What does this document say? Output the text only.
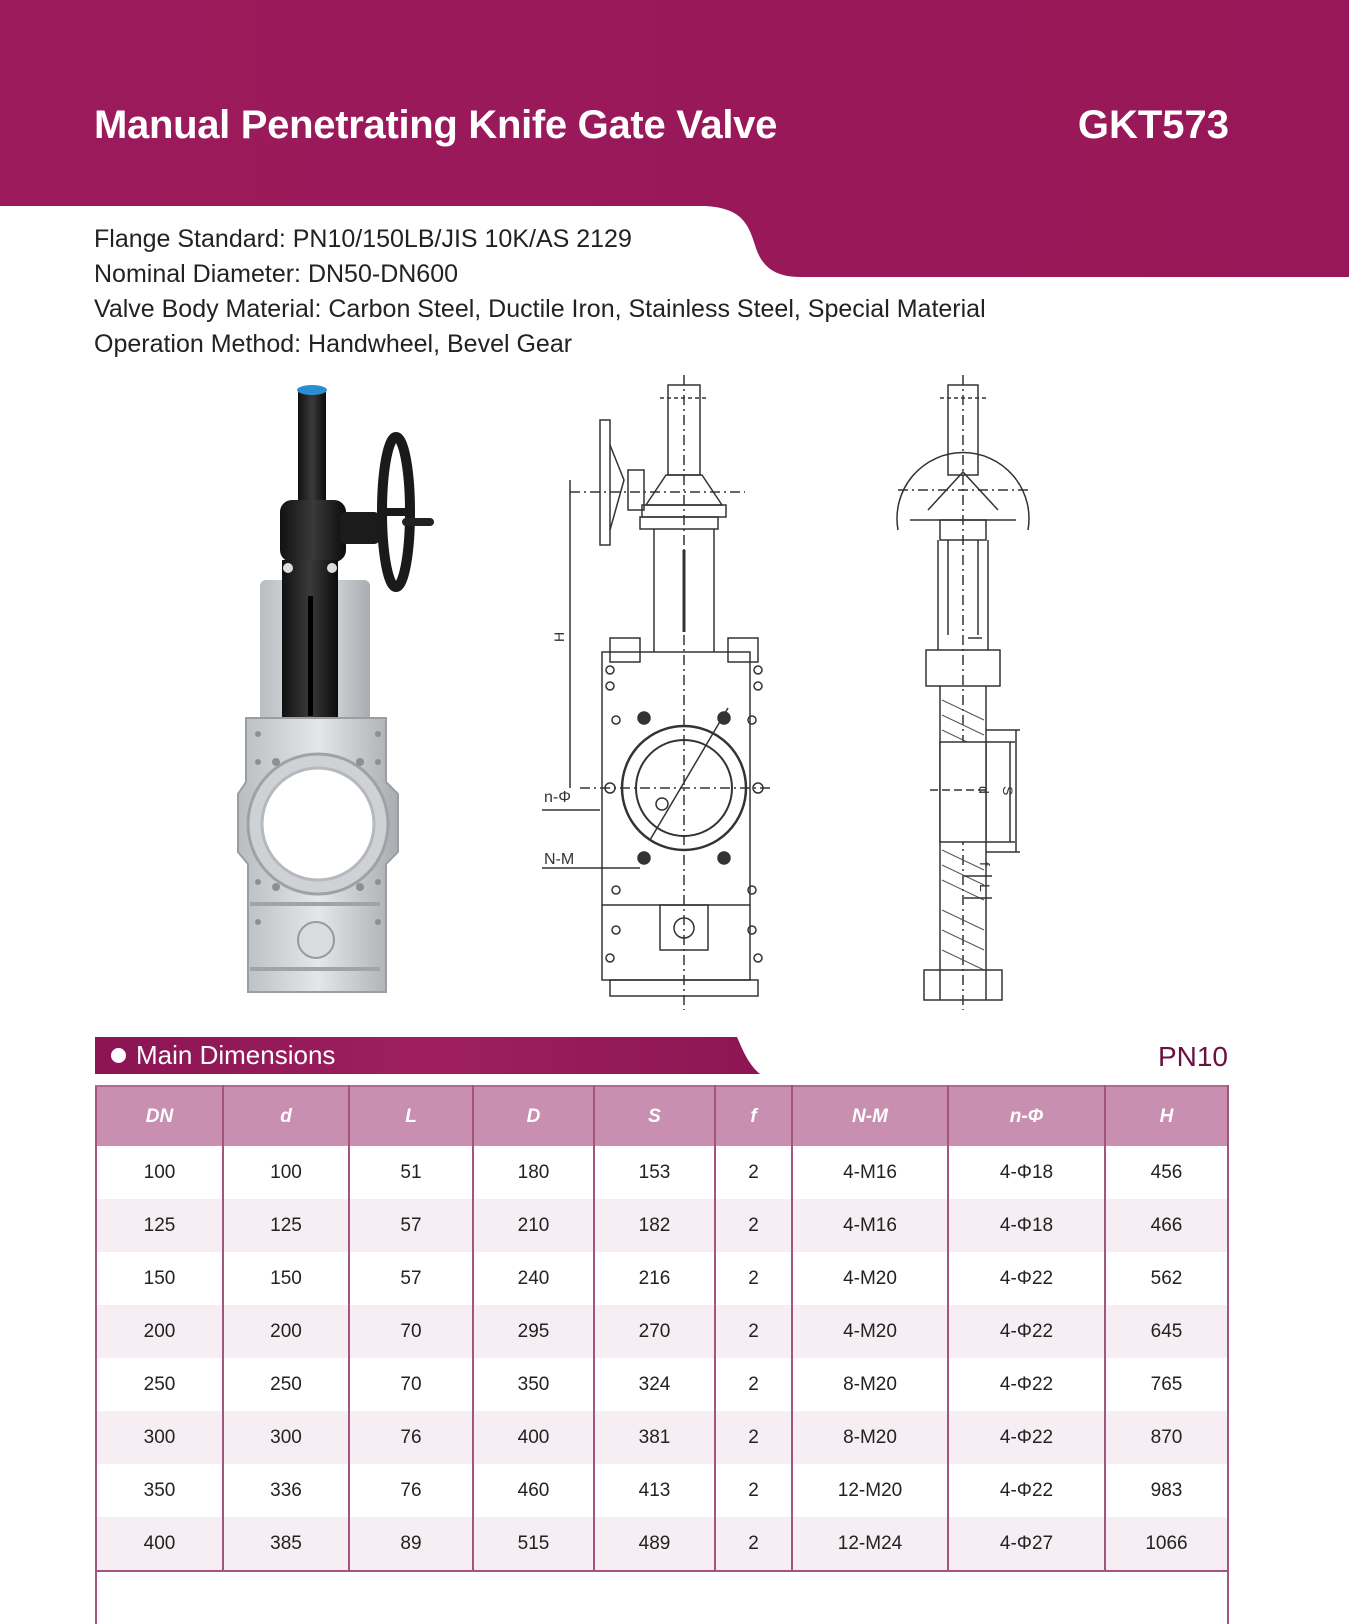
Manual Penetrating Knife Gate Valve	GKT573
Flange Standard: PN10/150LB/JIS 10K/AS 2129
Nominal Diameter: DN50-DN600
Valve Body Material: Carbon Steel, Ductile Iron, Stainless Steel, Special Material
Operation Method: Handwheel, Bevel Gear
H
n-Φ
N-M
d S
f
L
Main Dimensions	PN10
DN	d	L	D	S	f	N-M	n-Φ	H
100	100	51	180	153	2	4-M16	4-Φ18	456
125	125	57	210	182	2	4-M16	4-Φ18	466
150	150	57	240	216	2	4-M20	4-Φ22	562
200	200	70	295	270	2	4-M20	4-Φ22	645
250	250	70	350	324	2	8-M20	4-Φ22	765
300	300	76	400	381	2	8-M20	4-Φ22	870
350	336	76	460	413	2	12-M20	4-Φ22	983
400	385	89	515	489	2	12-M24	4-Φ27	1066
